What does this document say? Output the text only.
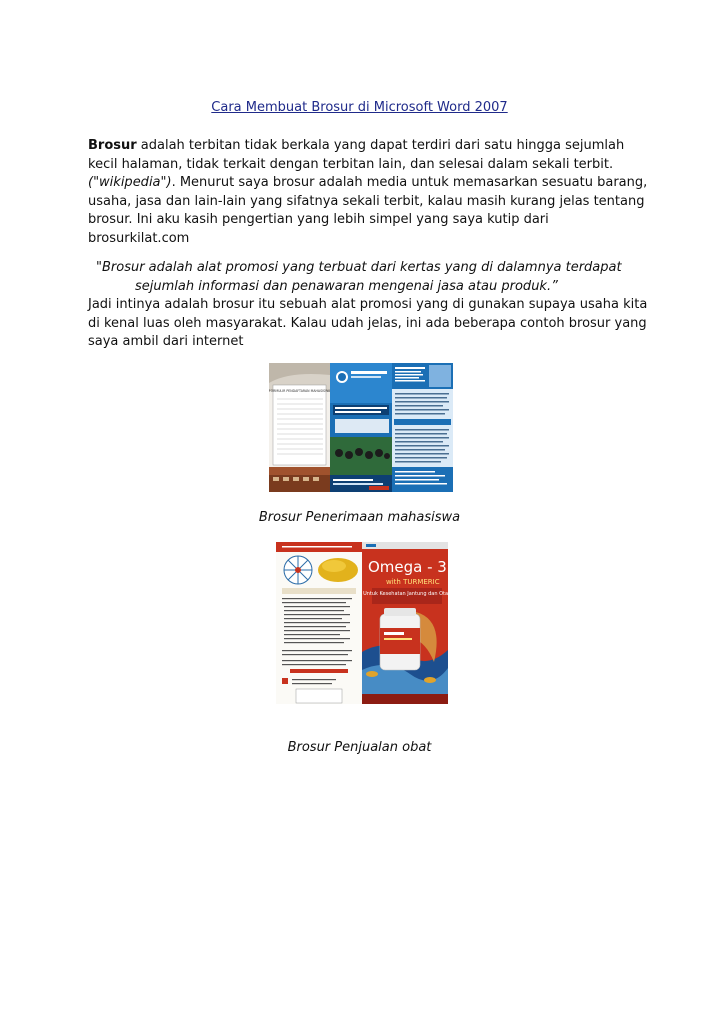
Cara Membuat Brosur di Microsoft Word 2007

Brosur adalah terbitan tidak berkala yang dapat terdiri dari satu hingga sejumlah kecil halaman, tidak terkait dengan terbitan lain, dan selesai dalam sekali terbit.("wikipedia"). Menurut saya brosur adalah media untuk memasarkan sesuatu barang, usaha, jasa dan lain-lain yang sifatnya sekali terbit, kalau masih kurang jelas tentang brosur. Ini aku kasih pengertian yang lebih simpel yang saya kutip dari brosurkilat.com

"Brosur adalah alat promosi yang terbuat dari kertas yang di dalamnya terdapat
sejumlah informasi dan penawaran mengenai jasa atau produk.”

Jadi intinya adalah brosur itu sebuah alat promosi yang di gunakan supaya usaha kita di kenal luas oleh masyarakat. Kalau udah jelas, ini ada beberapa contoh brosur yang saya ambil dari internet

FORMULIR PENDAFTARAN MAHASISWA
Brosur Penerimaan mahasiswa
Omega - 3
with TURMERIC
Untuk Kesehatan Jantung dan Otak
Brosur Penjualan obat
